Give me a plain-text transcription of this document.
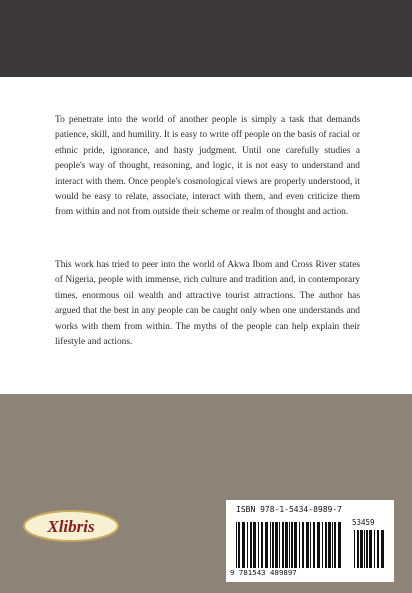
To penetrate into the world of another people is simply a task that demands patience, skill, and humility. It is easy to write off people on the basis of racial or ethnic pride, ignorance, and hasty judgment. Until one carefully studies a people's way of thought, reasoning, and logic, it is not easy to understand and interact with them. Once people's cosmological views are properly understood, it would be easy to relate, associate, interact with them, and even criticize them from within and not from outside their scheme or realm of thought and action.

This work has tried to peer into the world of Akwa Ibom and Cross River states of Nigeria, people with immense, rich culture and tradition and, in contemporary times, enormous oil wealth and attractive tourist attractions. The author has argued that the best in any people can be caught only when one understands and works with them from within. The myths of the people can help explain their lifestyle and actions.

Xlibris
ISBN 978-1-5434-8989-7
53459
9 781543 489897
